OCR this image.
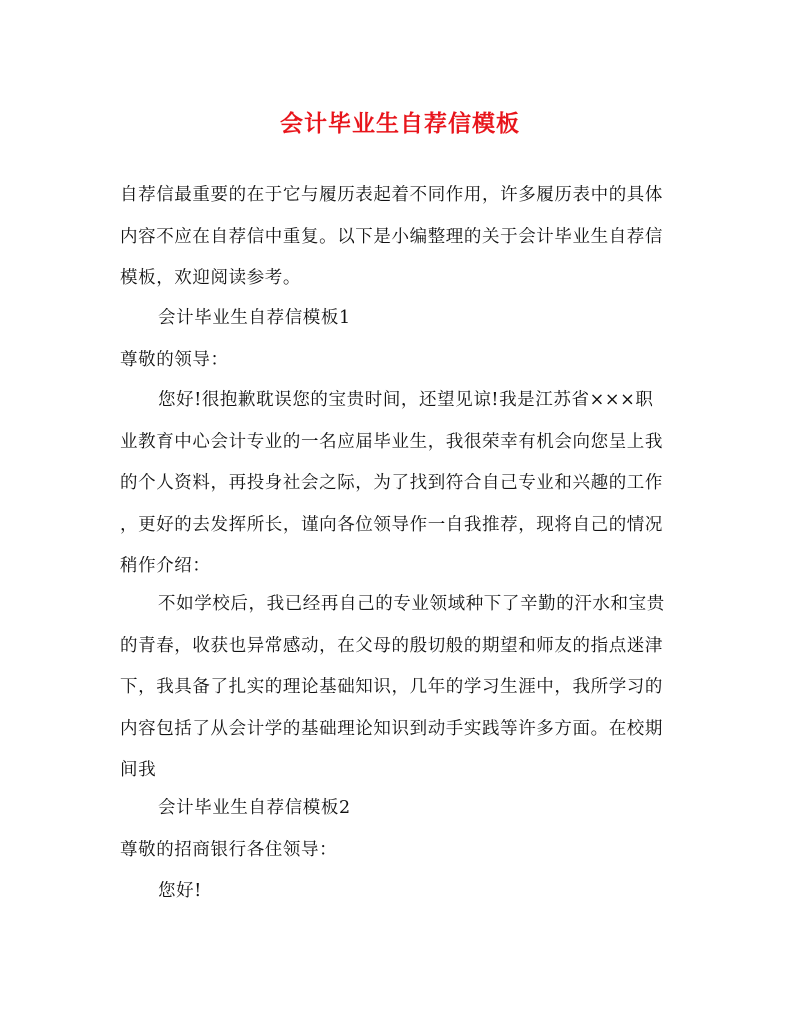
会计毕业生自荐信模板
自荐信最重要的在于它与履历表起着不同作用，许多履历表中的具体
内容不应在自荐信中重复。以下是小编整理的关于会计毕业生自荐信
模板，欢迎阅读参考。
会计毕业生自荐信模板1
尊敬的领导：
您好!很抱歉耽误您的宝贵时间，还望见谅!我是江苏省×××职
业教育中心会计专业的一名应届毕业生，我很荣幸有机会向您呈上我
的个人资料，再投身社会之际，为了找到符合自己专业和兴趣的工作
，更好的去发挥所长，谨向各位领导作一自我推荐，现将自己的情况
稍作介绍：
不如学校后，我已经再自己的专业领域种下了辛勤的汗水和宝贵
的青春，收获也异常感动，在父母的殷切般的期望和师友的指点迷津
下，我具备了扎实的理论基础知识，几年的学习生涯中，我所学习的
内容包括了从会计学的基础理论知识到动手实践等许多方面。在校期
间我
会计毕业生自荐信模板2
尊敬的招商银行各住领导：
您好!
